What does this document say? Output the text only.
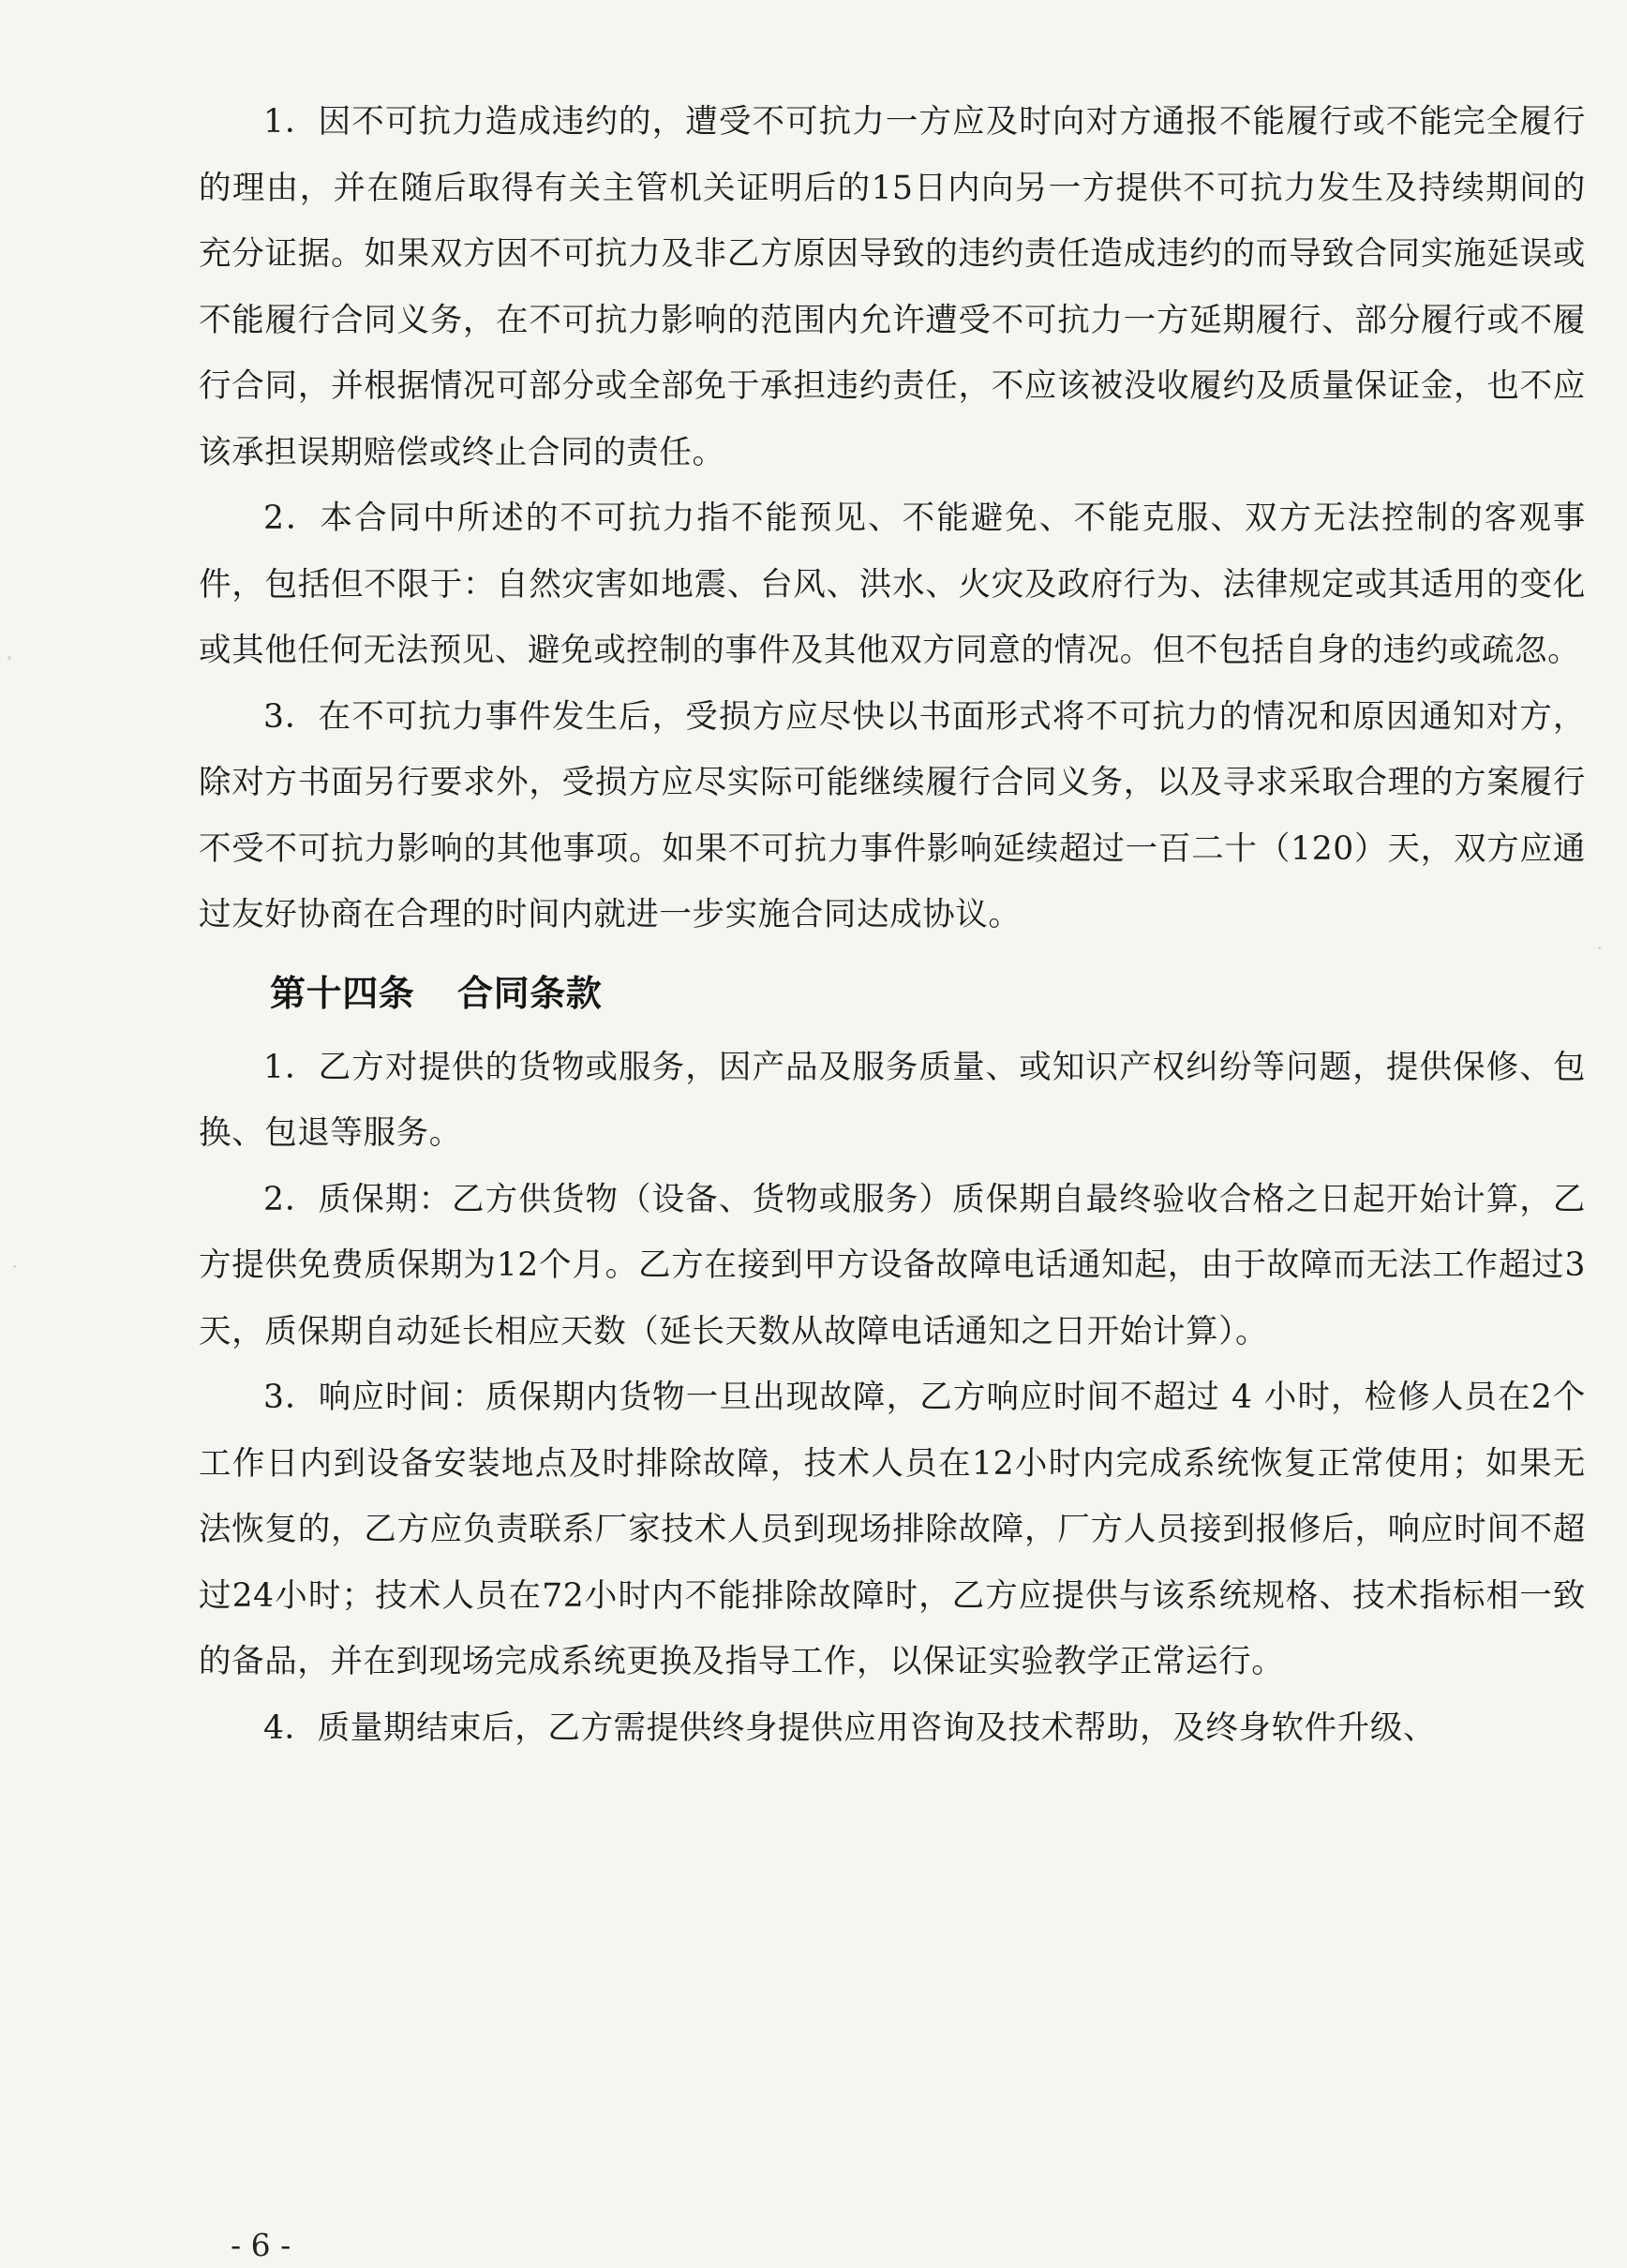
1．因不可抗力造成违约的，遭受不可抗力一方应及时向对方通报不能履行或不能完全履行的理由，并在随后取得有关主管机关证明后的15日内向另一方提供不可抗力发生及持续期间的充分证据。如果双方因不可抗力及非乙方原因导致的违约责任造成违约的而导致合同实施延误或不能履行合同义务，在不可抗力影响的范围内允许遭受不可抗力一方延期履行、部分履行或不履行合同，并根据情况可部分或全部免于承担违约责任，不应该被没收履约及质量保证金，也不应该承担误期赔偿或终止合同的责任。

2．本合同中所述的不可抗力指不能预见、不能避免、不能克服、双方无法控制的客观事件，包括但不限于：自然灾害如地震、台风、洪水、火灾及政府行为、法律规定或其适用的变化或其他任何无法预见、避免或控制的事件及其他双方同意的情况。但不包括自身的违约或疏忽。

3．在不可抗力事件发生后，受损方应尽快以书面形式将不可抗力的情况和原因通知对方，除对方书面另行要求外，受损方应尽实际可能继续履行合同义务，以及寻求采取合理的方案履行不受不可抗力影响的其他事项。如果不可抗力事件影响延续超过一百二十（120）天，双方应通过友好协商在合理的时间内就进一步实施合同达成协议。

第十四条 合同条款

1．乙方对提供的货物或服务，因产品及服务质量、或知识产权纠纷等问题，提供保修、包换、包退等服务。

2．质保期：乙方供货物（设备、货物或服务）质保期自最终验收合格之日起开始计算，乙方提供免费质保期为12个月。乙方在接到甲方设备故障电话通知起，由于故障而无法工作超过3天，质保期自动延长相应天数（延长天数从故障电话通知之日开始计算）。

3．响应时间：质保期内货物一旦出现故障，乙方响应时间不超过 4 小时，检修人员在2个工作日内到设备安装地点及时排除故障，技术人员在12小时内完成系统恢复正常使用；如果无法恢复的，乙方应负责联系厂家技术人员到现场排除故障，厂方人员接到报修后，响应时间不超过24小时；技术人员在72小时内不能排除故障时，乙方应提供与该系统规格、技术指标相一致的备品，并在到现场完成系统更换及指导工作，以保证实验教学正常运行。

4．质量期结束后，乙方需提供终身提供应用咨询及技术帮助，及终身软件升级、

- 6 -
